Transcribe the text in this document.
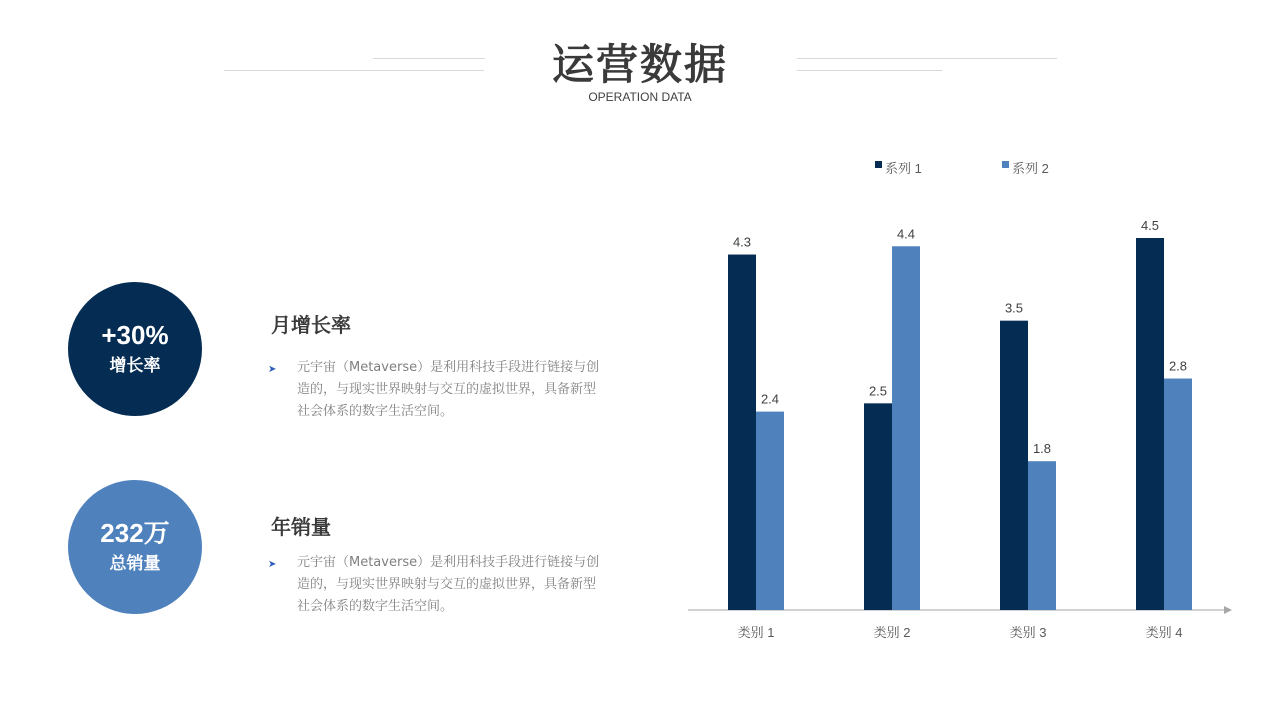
运营数据
OPERATION DATA
+30%
增长率
月增长率
➤ 元宇宙（Metaverse）是利用科技手段进行链接与创造的，与现实世界映射与交互的虚拟世界，具备新型社会体系的数字生活空间。
232万
总销量
年销量
➤ 元宇宙（Metaverse）是利用科技手段进行链接与创造的，与现实世界映射与交互的虚拟世界，具备新型社会体系的数字生活空间。
4.3
2.4
类别 1
2.5
4.4
类别 2
3.5
1.8
类别 3
4.5
2.8
类别 4
系列 1	系列 2
